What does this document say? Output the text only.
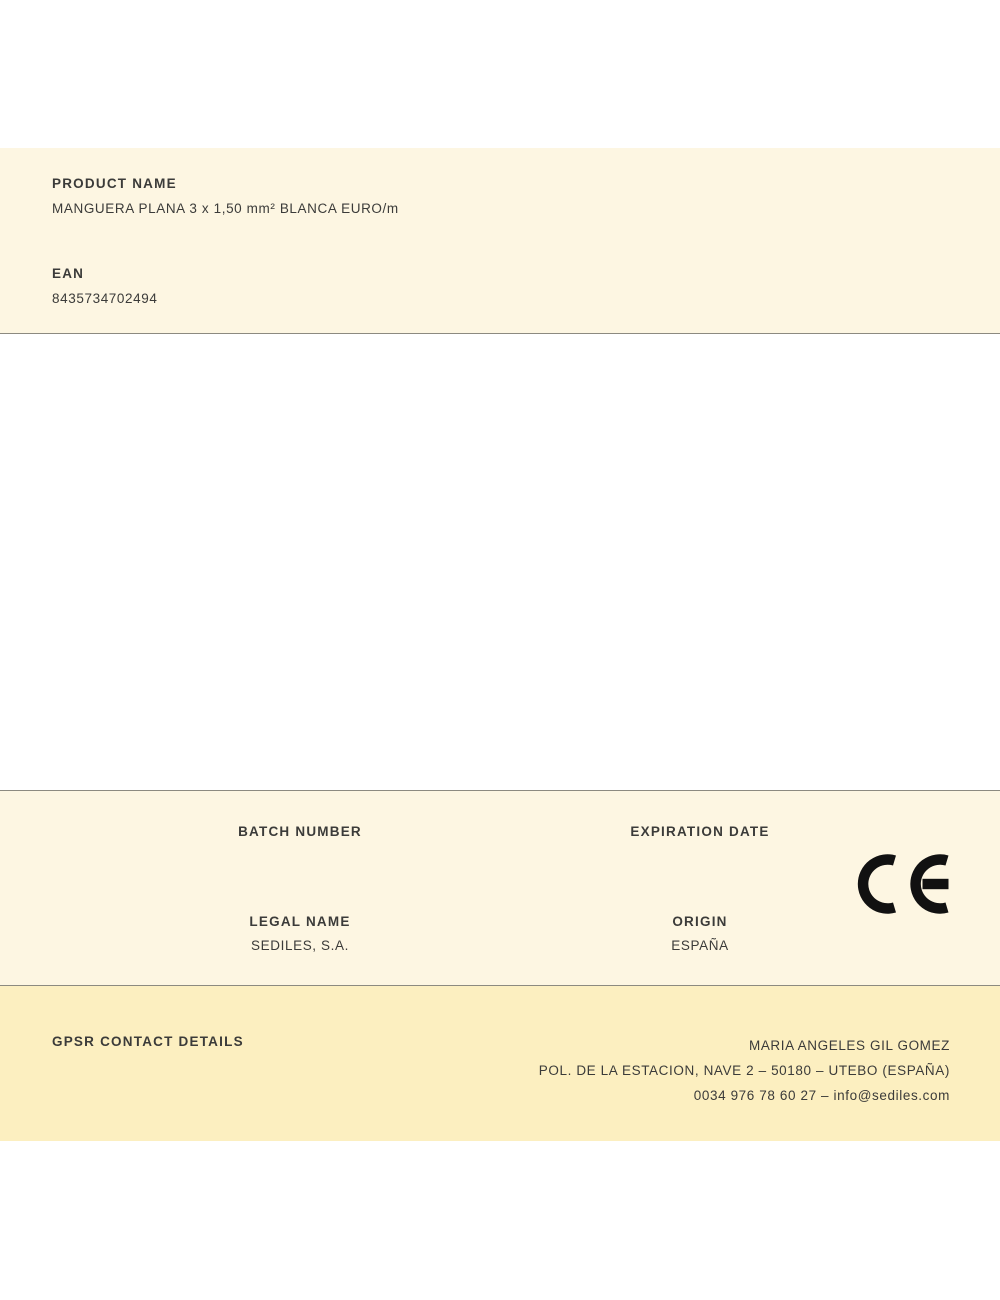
PRODUCT NAME

MANGUERA PLANA 3 x 1,50 mm² BLANCA EURO/m

EAN

8435734702494

BATCH NUMBER	EXPIRATION DATE

LEGAL NAME

SEDILES, S.A.

ORIGIN

ESPAÑA

GPSR CONTACT DETAILS	MARIA ANGELES GIL GOMEZ
POL. DE LA ESTACION, NAVE 2 – 50180 – UTEBO (ESPAÑA)
0034 976 78 60 27 – info@sediles.com
